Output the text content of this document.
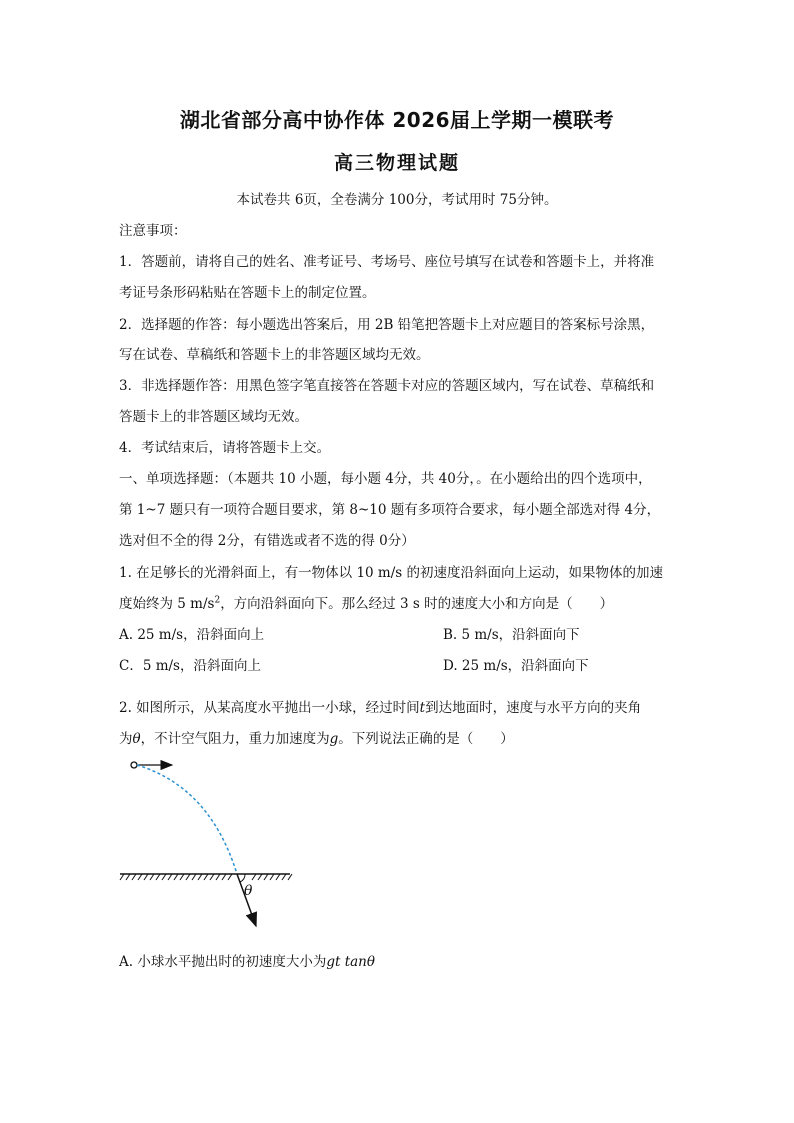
湖北省部分高中协作体 2026届上学期一模联考
高三物理试题
本试卷共 6页，全卷满分 100分，考试用时 75分钟。
注意事项：
1．答题前，请将自己的姓名、准考证号、考场号、座位号填写在试卷和答题卡上，并将准
考证号条形码粘贴在答题卡上的制定位置。
2．选择题的作答：每小题选出答案后，用 2B 铅笔把答题卡上对应题目的答案标号涂黑，
写在试卷、草稿纸和答题卡上的非答题区域均无效。
3．非选择题作答：用黑色签字笔直接答在答题卡对应的答题区域内，写在试卷、草稿纸和
答题卡上的非答题区域均无效。
4．考试结束后，请将答题卡上交。
一、单项选择题：（本题共 10 小题，每小题 4分，共 40分，。在小题给出的四个选项中，
第 1~7 题只有一项符合题目要求，第 8~10 题有多项符合要求，每小题全部选对得 4分，
选对但不全的得 2分，有错选或者不选的得 0分）
1. 在足够长的光滑斜面上，有一物体以 10 m/s 的初速度沿斜面向上运动，如果物体的加速
度始终为 5 $m/s^2$，方向沿斜面向下。那么经过 3 s 时的速度大小和方向是（　　）
A. 25 m/s，沿斜面向上	B. 5 m/s，沿斜面向下
C．5 m/s，沿斜面向上	D. 25 m/s，沿斜面向下
2. 如图所示，从某高度水平抛出一小球，经过时间t到达地面时，速度与水平方向的夹角
为θ，不计空气阻力，重力加速度为g。下列说法正确的是（　　）
θ
A. 小球水平抛出时的初速度大小为gt tanθ
